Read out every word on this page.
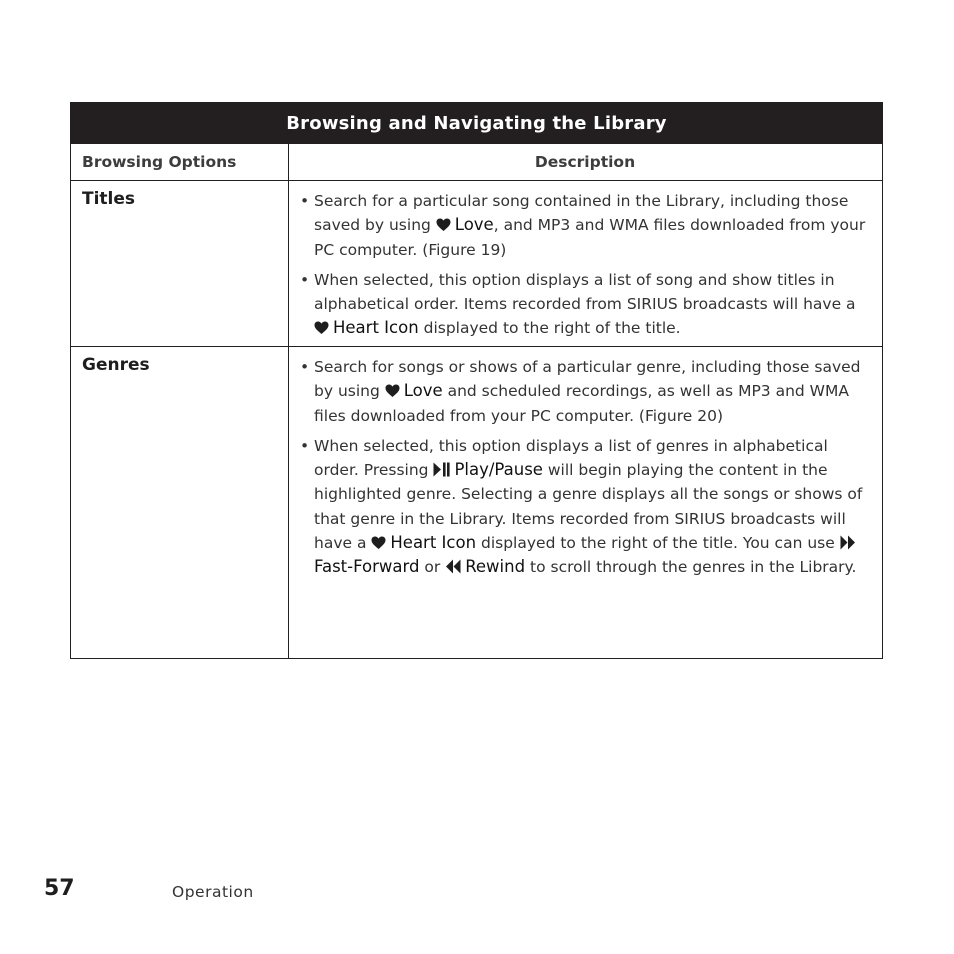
Browsing and Navigating the Library
Browsing Options	Description
Titles	• Search for a particular song contained in the Library, including those saved by using Love, and MP3 and WMA files downloaded from your PC computer. (Figure 19)
• When selected, this option displays a list of song and show titles in alphabetical order. Items recorded from SIRIUS broadcasts will have a Heart Icon displayed to the right of the title.
Genres	• Search for songs or shows of a particular genre, including those saved by using Love and scheduled recordings, as well as MP3 and WMA files downloaded from your PC computer. (Figure 20)
• When selected, this option displays a list of genres in alphabetical order. Pressing Play/Pause will begin playing the content in the highlighted genre. Selecting a genre displays all the songs or shows of that genre in the Library. Items recorded from SIRIUS broadcasts will have a Heart Icon displayed to the right of the title. You can use Fast-Forward or Rewind to scroll through the genres in the Library.
57	Operation
